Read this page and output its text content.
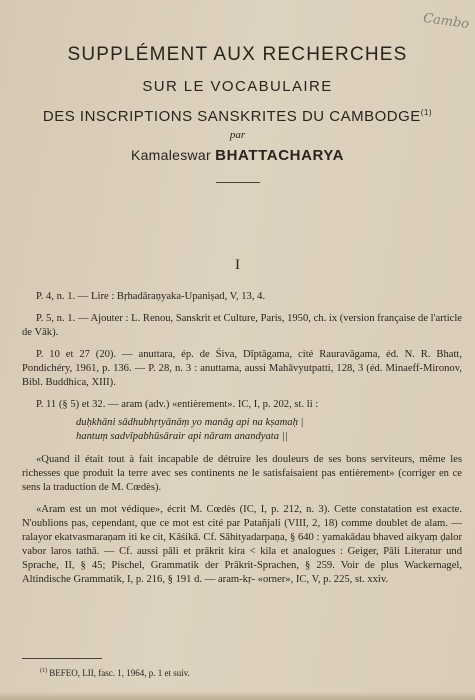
Cambo
SUPPLÉMENT AUX RECHERCHES
SUR LE VOCABULAIRE
DES INSCRIPTIONS SANSKRITES DU CAMBODGE$^{(1)}$
par
Kamaleswar BHATTACHARYA
I

P. 4, n. 1. — Lire : Bṛhadāraṇyaka-Upaniṣad, V, 13, 4.

P. 5, n. 1. — Ajouter : L. Renou, Sanskrit et Culture, Paris, 1950, ch. ix (version française de l'article de Vāk).

P. 10 et 27 (20). — anuttara, ép. de Śiva, Dīptāgama, cité Rauravāgama, éd. N. R. Bhatt, Pondichéry, 1961, p. 136. — P. 28, n. 3 : anuttama, aussi Mahāvyutpatti, 128, 3 (éd. Minaeff-Mironov, Bibl. Buddhica, XIII).

P. 11 (§ 5) et 32. — aram (adv.) «entièrement». IC, I, p. 202, st. li :

duḥkhāni sādhubhṛtyānāṃ yo manāg api na kṣamaḥ |
hantuṃ sadvīpabhūsārair api nāram anandyata ||

«Quand il était tout à fait incapable de détruire les douleurs de ses bons serviteurs, même les richesses que produit la terre avec ses continents ne le satisfaisaient pas entièrement» (corriger en ce sens la traduction de M. Cœdès).

«Aram est un mot védique», écrit M. Cœdès (IC, I, p. 212, n. 3). Cette constatation est exacte. N'oublions pas, cependant, que ce mot est cité par Patañjali (VIII, 2, 18) comme doublet de alam. — ralayor ekatvasmaraṇam iti ke cit, Kāśikā. Cf. Sāhityadarpaṇa, § 640 : yamakādau bhaved aikyaṃ ḍalor vabor laros tathā. — Cf. aussi pāli et prākrit kira < kila et analogues : Geiger, Pāli Literatur und Sprache, II, § 45; Pischel, Grammatik der Prākrit-Sprachen, § 259. Voir de plus Wackernagel, Altindische Grammatik, I, p. 216, § 191 d. — aram-kṛ- «orner», IC, V, p. 225, st. xxiv.

$^{(1)}$ BEFEO, LII, fasc. 1, 1964, p. 1 et suiv.
